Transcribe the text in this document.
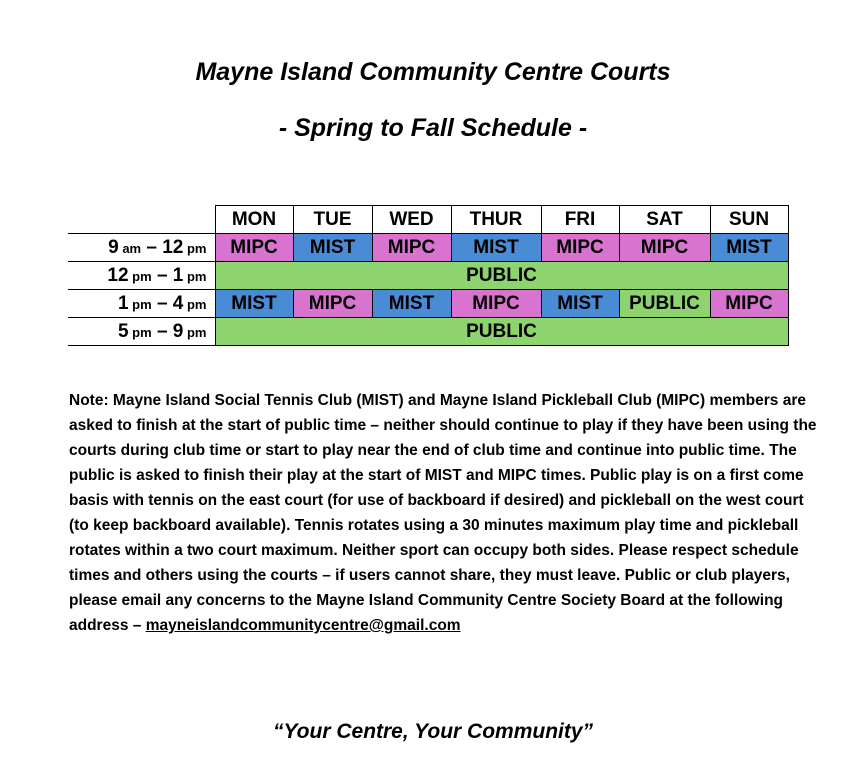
Mayne Island Community Centre Courts
- Spring to Fall Schedule -
	MON	TUE	WED	THUR	FRI	SAT	SUN
9 am – 12 pm	MIPC	MIST	MIPC	MIST	MIPC	MIPC	MIST
12 pm – 1 pm	PUBLIC						
1 pm – 4 pm	MIST	MIPC	MIST	MIPC	MIST	PUBLIC	MIPC
5 pm – 9 pm	PUBLIC						
Note: Mayne Island Social Tennis Club (MIST) and Mayne Island Pickleball Club (MIPC) members are asked to finish at the start of public time – neither should continue to play if they have been using the courts during club time or start to play near the end of club time and continue into public time. The public is asked to finish their play at the start of MIST and MIPC times. Public play is on a first come basis with tennis on the east court (for use of backboard if desired) and pickleball on the west court (to keep backboard available). Tennis rotates using a 30 minutes maximum play time and pickleball rotates within a two court maximum. Neither sport can occupy both sides. Please respect schedule times and others using the courts – if users cannot share, they must leave. Public or club players, please email any concerns to the Mayne Island Community Centre Society Board at the following address – mayneislandcommunitycentre@gmail.com
“Your Centre, Your Community”
